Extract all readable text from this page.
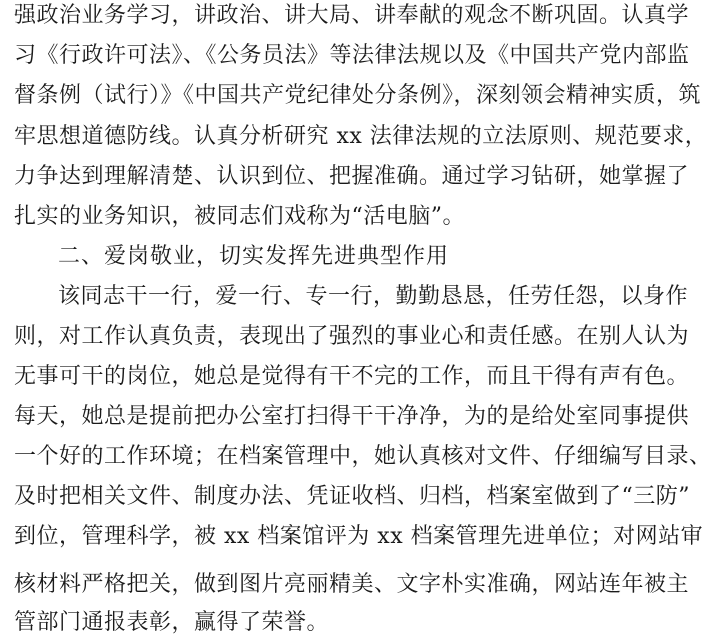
强政治业务学习，讲政治、讲大局、讲奉献的观念不断巩固。认真学
习《行政许可法》、《公务员法》等法律法规以及《中国共产党内部监
督条例（试行）》《中国共产党纪律处分条例》，深刻领会精神实质，筑
牢思想道德防线。认真分析研究 xx 法律法规的立法原则、规范要求，
力争达到理解清楚、认识到位、把握准确。通过学习钻研，她掌握了
扎实的业务知识，被同志们戏称为“活电脑”。
二、爱岗敬业，切实发挥先进典型作用
该同志干一行，爱一行、专一行，勤勤恳恳，任劳任怨，以身作
则，对工作认真负责，表现出了强烈的事业心和责任感。在别人认为
无事可干的岗位，她总是觉得有干不完的工作，而且干得有声有色。
每天，她总是提前把办公室打扫得干干净净，为的是给处室同事提供
一个好的工作环境；在档案管理中，她认真核对文件、仔细编写目录、
及时把相关文件、制度办法、凭证收档、归档，档案室做到了“三防”
到位，管理科学，被 xx 档案馆评为 xx 档案管理先进单位；对网站审
核材料严格把关，做到图片亮丽精美、文字朴实准确，网站连年被主
管部门通报表彰，赢得了荣誉。
